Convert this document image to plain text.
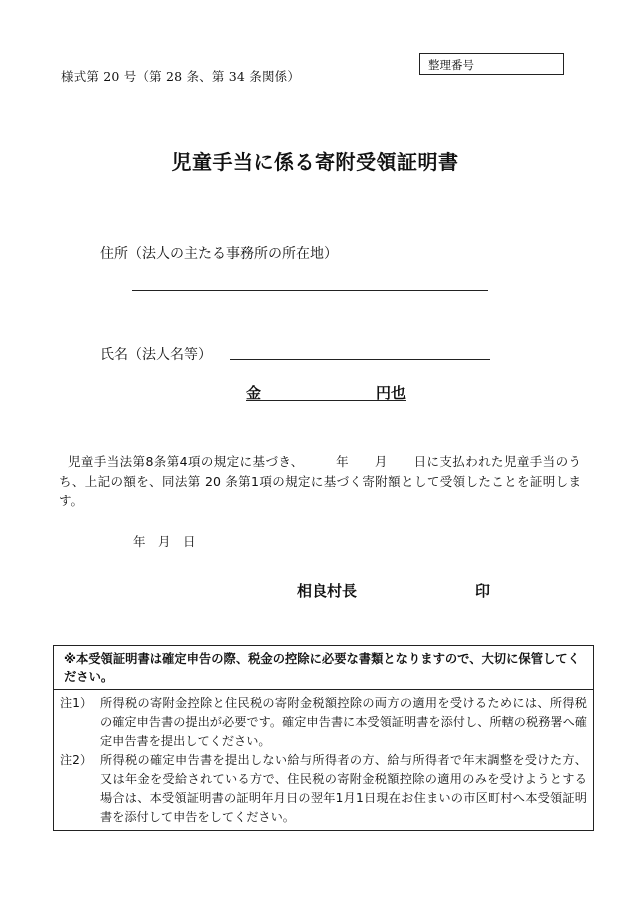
様式第 20 号（第 28 条、第 34 条関係）
整理番号
児童手当に係る寄附受領証明書
住所（法人の主たる事務所の所在地）
氏名（法人名等）
金	円也
児童手当法第8条第4項の規定に基づき、　　　年　　月　　日に支払われた児童手当のうち、上記の額を、同法第 20 条第1項の規定に基づく寄附額として受領したことを証明します。
年　月　日
相良村長	印
※本受領証明書は確定申告の際、税金の控除に必要な書類となりますので、大切に保管してください。
注1） 所得税の寄附金控除と住民税の寄附金税額控除の両方の適用を受けるためには、所得税の確定申告書の提出が必要です。確定申告書に本受領証明書を添付し、所轄の税務署へ確定申告書を提出してください。
注2） 所得税の確定申告書を提出しない給与所得者の方、給与所得者で年末調整を受けた方、又は年金を受給されている方で、住民税の寄附金税額控除の適用のみを受けようとする場合は、本受領証明書の証明年月日の翌年1月1日現在お住まいの市区町村へ本受領証明書を添付して申告をしてください。
